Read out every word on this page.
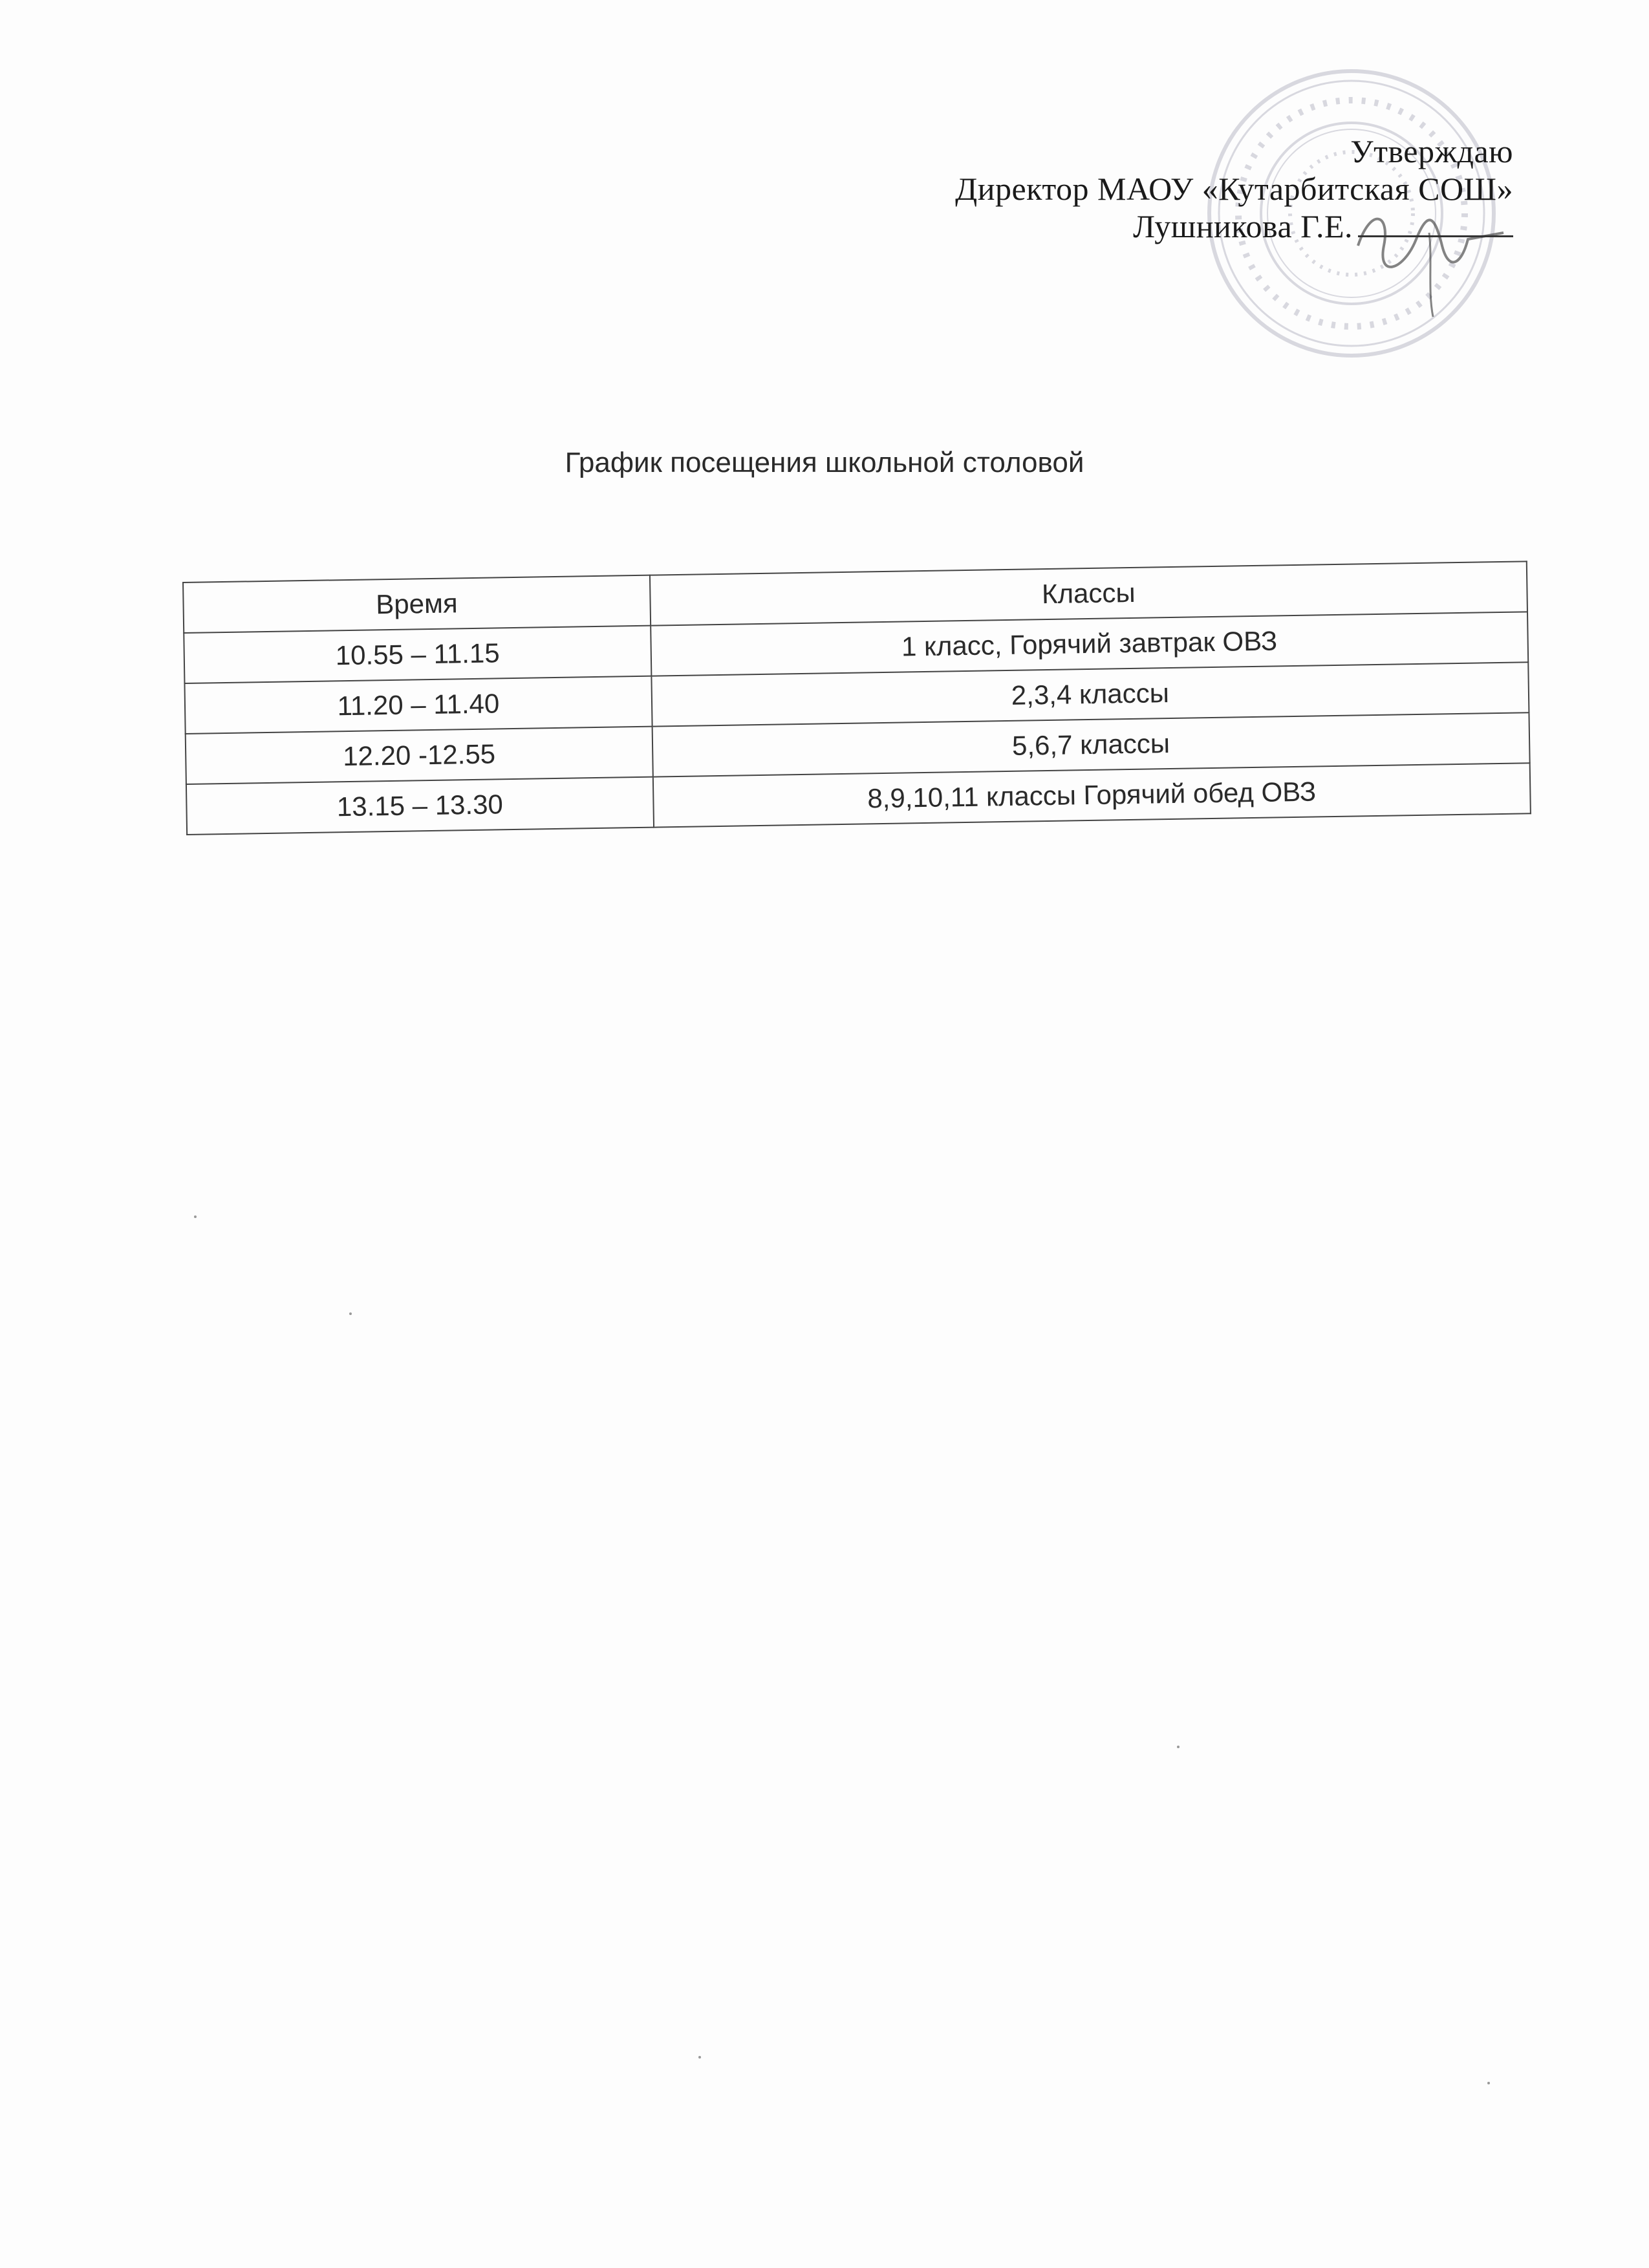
Утверждаю
Директор МАОУ «Кутарбитская СОШ»
Лушникова Г.Е.
График посещения школьной столовой
Время	Классы
10.55 – 11.15	1 класс, Горячий завтрак ОВЗ
11.20 – 11.40	2,3,4 классы
12.20 -12.55	5,6,7 классы
13.15 – 13.30	8,9,10,11 классы Горячий обед ОВЗ
